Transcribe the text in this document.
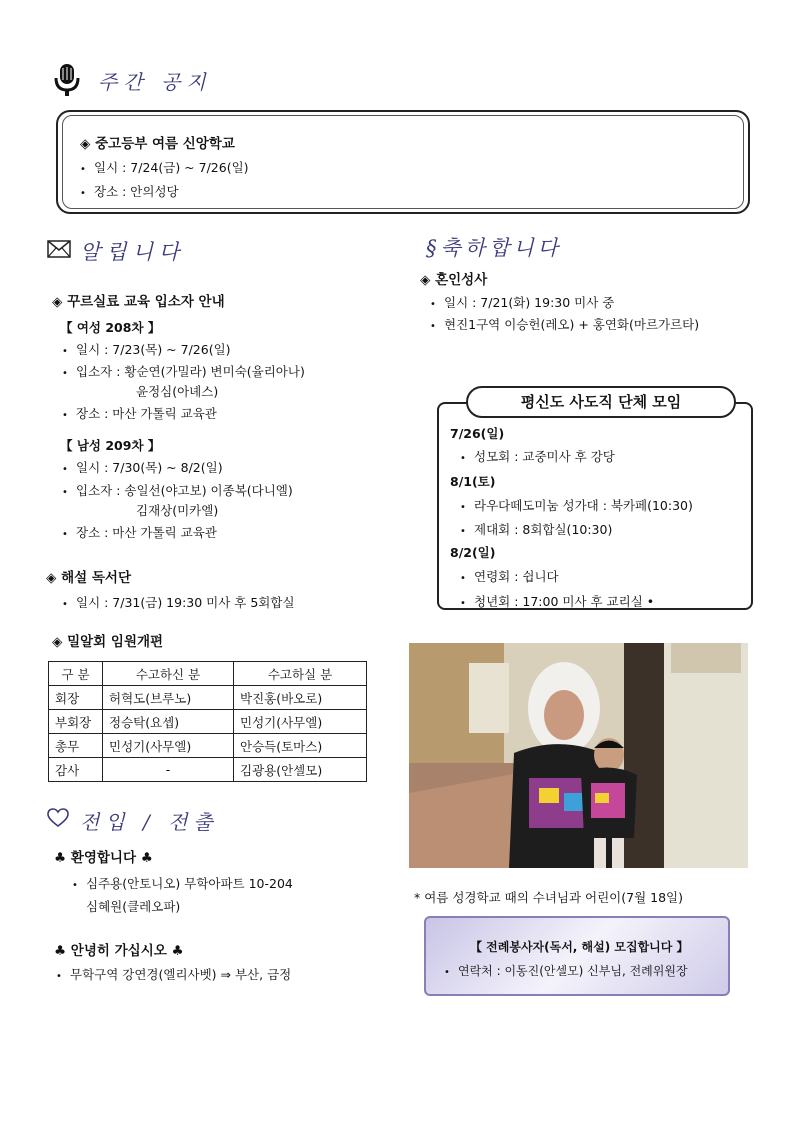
주간 공지
◈ 중고등부 여름 신앙학교
• 일시 : 7/24(금) ~ 7/26(일)
• 장소 : 안의성당
알립니다
◈ 꾸르실료 교육 입소자 안내
【 여성 208차 】
• 일시 : 7/23(목) ~ 7/26(일)
• 입소자 : 황순연(가밀라) 변미숙(율리아나)
윤정심(아녜스)
• 장소 : 마산 가톨릭 교육관
【 남성 209차 】
• 일시 : 7/30(목) ~ 8/2(일)
• 입소자 : 송일선(야고보) 이종복(다니엘)
김재상(미카엘)
• 장소 : 마산 가톨릭 교육관
◈ 해설 독서단
• 일시 : 7/31(금) 19:30 미사 후 5회합실
◈ 밀알회 임원개편
구 분	수고하신 분	수고하실 분
회장	허혁도(브루노)	박진홍(바오로)
부회장	정승탁(요셉)	민성기(사무엘)
총무	민성기(사무엘)	안승득(토마스)
감사	-	김광용(안셀모)
전입 / 전출
♣ 환영합니다 ♣
• 심주용(안토니오) 무학아파트 10-204
심혜원(클레오파)
♣ 안녕히 가십시오 ♣
• 무학구역 강연경(엘리사벳) ⇒ 부산, 금정
§축하합니다
◈ 혼인성사
• 일시 : 7/21(화) 19:30 미사 중
• 현진1구역 이승헌(레오) + 홍연화(마르가르타)
평신도 사도직 단체 모임
7/26(일)
• 성모회 : 교중미사 후 강당
8/1(토)
• 라우다떼도미눔 성가대 : 북카페(10:30)
• 제대회 : 8회합실(10:30)
8/2(일)
• 연령회 : 쉽니다
• 청년회 : 17:00 미사 후 교리실 •
* 여름 성경학교 때의 수녀님과 어린이(7월 18일)
【 전례봉사자(독서, 해설) 모집합니다 】
• 연락처 : 이동진(안셀모) 신부님, 전례위원장
